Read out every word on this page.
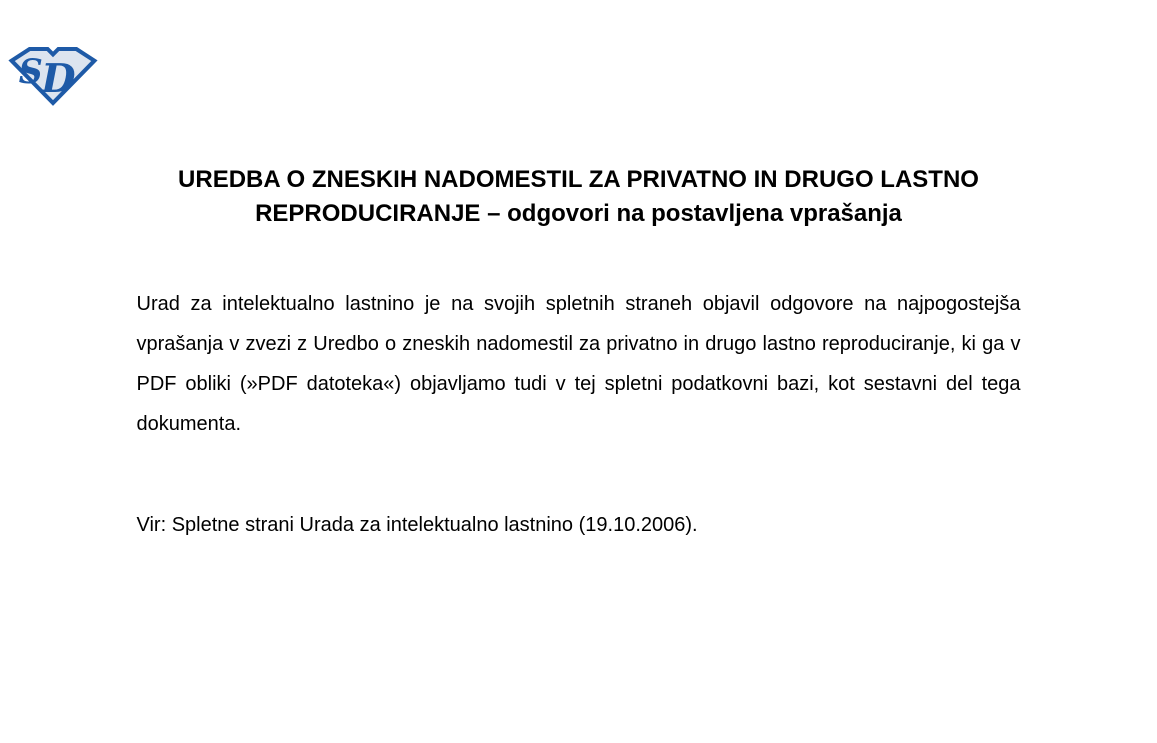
S
D
UREDBA O ZNESKIH NADOMESTIL ZA PRIVATNO IN DRUGO LASTNO REPRODUCIRANJE – odgovori na postavljena vprašanja

Urad za intelektualno lastnino je na svojih spletnih straneh objavil odgovore na najpogostejša vprašanja v zvezi z Uredbo o zneskih nadomestil za privatno in drugo lastno reproduciranje, ki ga v PDF obliki (»PDF datoteka«) objavljamo tudi v tej spletni podatkovni bazi, kot sestavni del tega dokumenta.

Vir: Spletne strani Urada za intelektualno lastnino (19.10.2006).
